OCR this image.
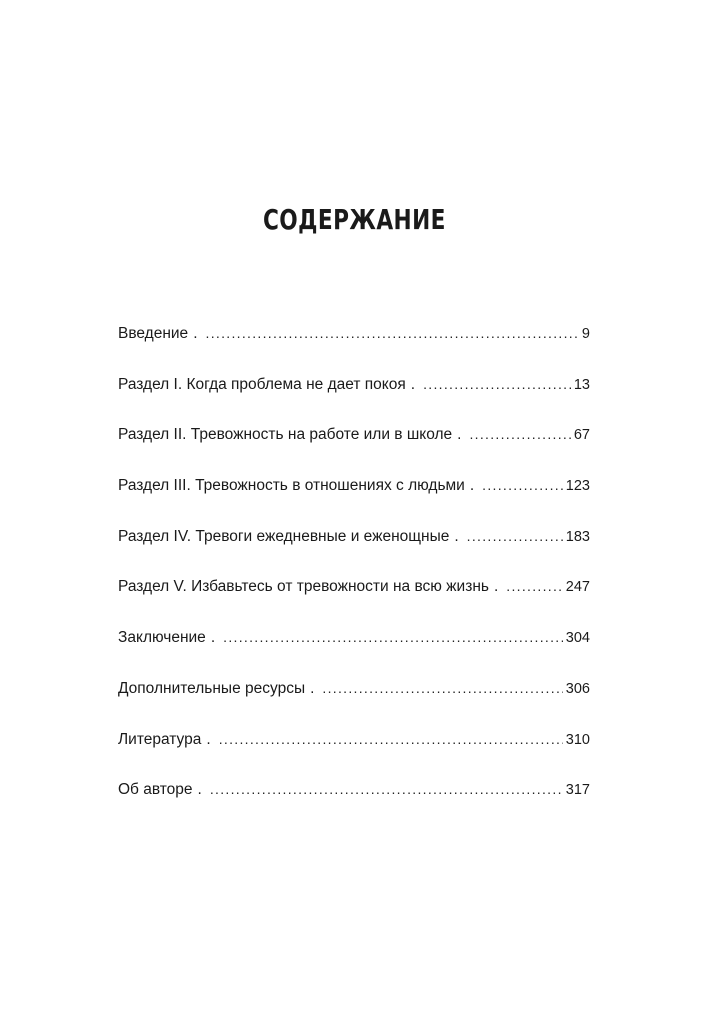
СОДЕРЖАНИЕ
Введение . .....	9
Раздел I. Когда проблема не дает покоя . .....	13
Раздел II. Тревожность на работе или в школе . .....	67
Раздел III. Тревожность в отношениях с людьми . .....	123
Раздел IV. Тревоги ежедневные и еженощные . .....	183
Раздел V. Избавьтесь от тревожности на всю жизнь . .....	247
Заключение . .....	304
Дополнительные ресурсы . .....	306
Литература . .....	310
Об авторе . .....	317
